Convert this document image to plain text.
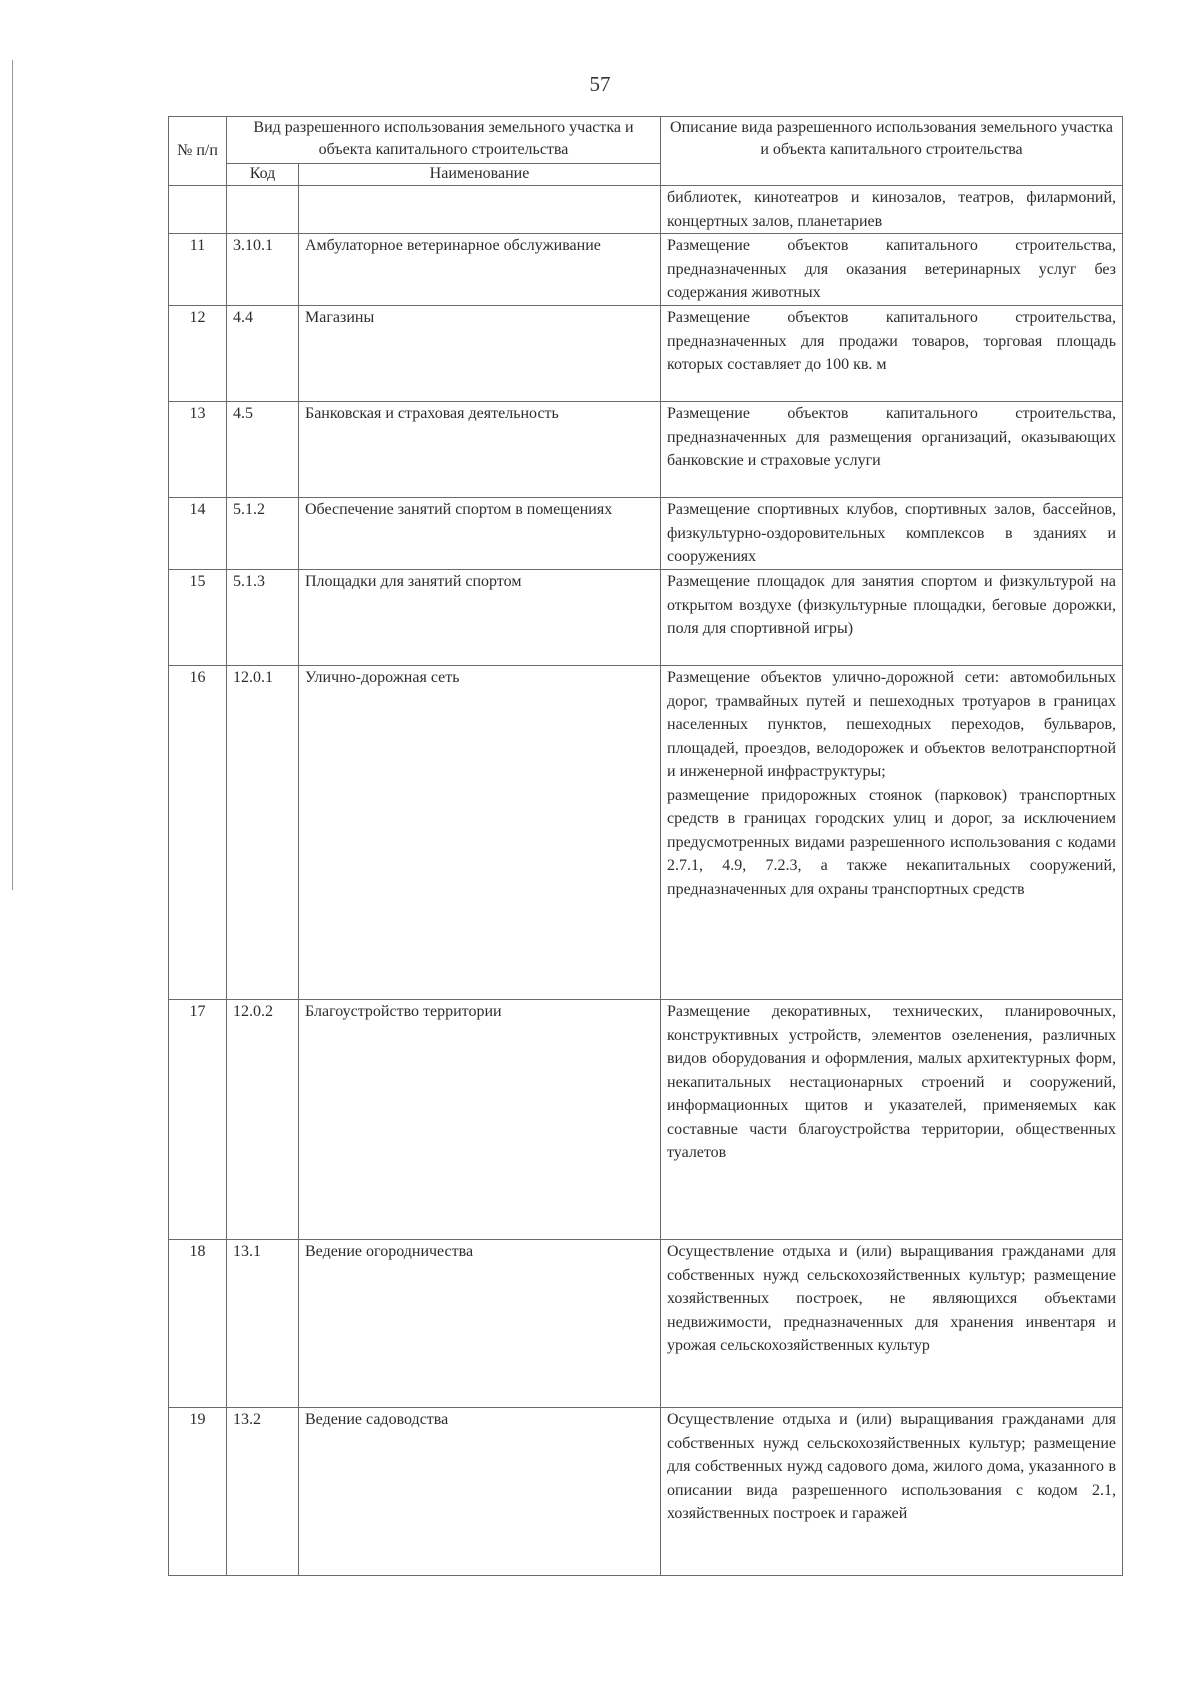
57
№ п/п	Вид разрешенного использования земельного участка и объекта капитального строительства		Описание вида разрешенного использования земельного участка и объекта капитального строительства
	Код	Наименование	
			библиотек, кинотеатров и кинозалов, театров, филармоний, концертных залов, планетариев
11	3.10.1	Амбулаторное ветеринарное обслуживание	Размещение объектов капитального строительства, предназначенных для оказания ветеринарных услуг без содержания животных
12	4.4	Магазины	Размещение объектов капитального строительства, предназначенных для продажи товаров, торговая площадь которых составляет до 100 кв. м
13	4.5	Банковская и страховая деятельность	Размещение объектов капитального строительства, предназначенных для размещения организаций, оказывающих банковские и страховые услуги
14	5.1.2	Обеспечение занятий спортом в помещениях	Размещение спортивных клубов, спортивных залов, бассейнов, физкультурно-оздоровительных комплексов в зданиях и сооружениях
15	5.1.3	Площадки для занятий спортом	Размещение площадок для занятия спортом и физкультурой на открытом воздухе (физкультурные площадки, беговые дорожки, поля для спортивной игры)
16	12.0.1	Улично-дорожная сеть	Размещение объектов улично-дорожной сети: автомобильных дорог, трамвайных путей и пешеходных тротуаров в границах населенных пунктов, пешеходных переходов, бульваров, площадей, проездов, велодорожек и объектов велотранспортной и инженерной инфраструктуры;
размещение придорожных стоянок (парковок) транспортных средств в границах городских улиц и дорог, за исключением предусмотренных видами разрешенного использования с кодами 2.7.1, 4.9, 7.2.3, а также некапитальных сооружений, предназначенных для охраны транспортных средств

17	12.0.2	Благоустройство территории	Размещение декоративных, технических, планировочных, конструктивных устройств, элементов озеленения, различных видов оборудования и оформления, малых архитектурных форм, некапитальных нестационарных строений и сооружений, информационных щитов и указателей, применяемых как составные части благоустройства территории, общественных туалетов
18	13.1	Ведение огородничества	Осуществление отдыха и (или) выращивания гражданами для собственных нужд сельскохозяйственных культур; размещение хозяйственных построек, не являющихся объектами недвижимости, предназначенных для хранения инвентаря и урожая сельскохозяйственных культур
19	13.2	Ведение садоводства	Осуществление отдыха и (или) выращивания гражданами для собственных нужд сельскохозяйственных культур; размещение для собственных нужд садового дома, жилого дома, указанного в описании вида разрешенного использования с кодом 2.1, хозяйственных построек и гаражей
